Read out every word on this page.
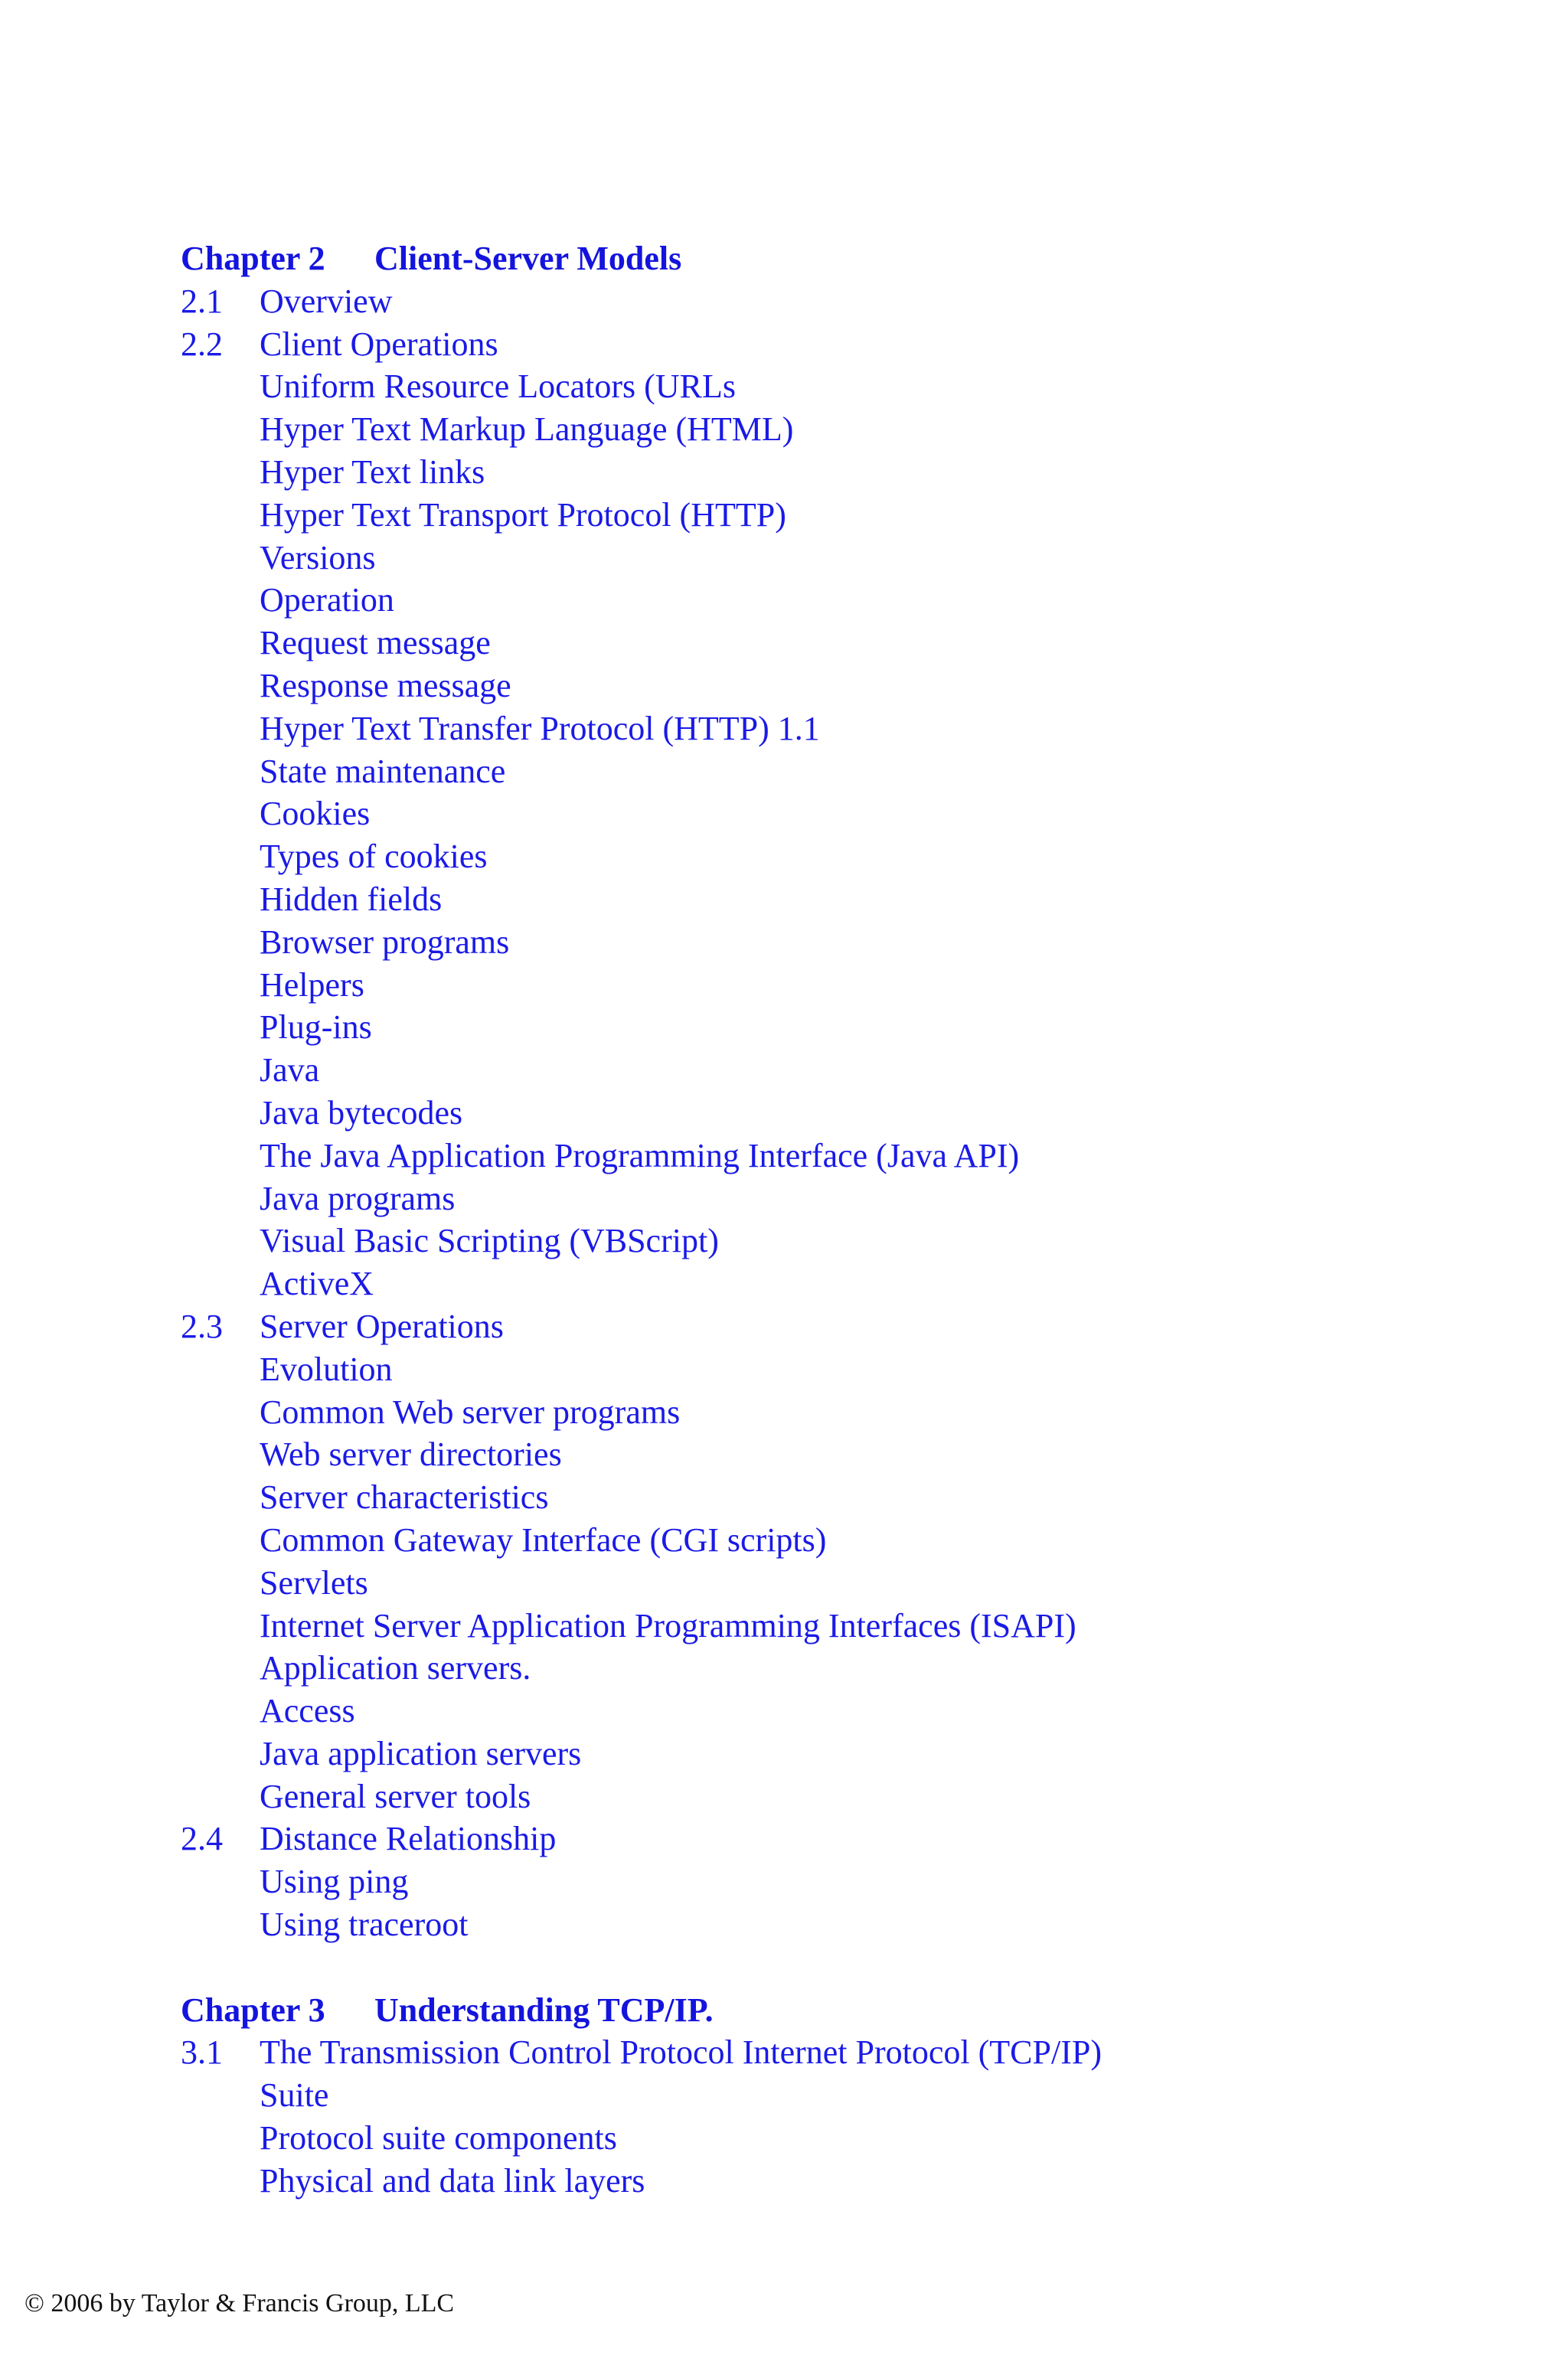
Chapter 2 Client-Server Models
2.1 Overview
2.2 Client Operations
Uniform Resource Locators (URLs
Hyper Text Markup Language (HTML)
Hyper Text links
Hyper Text Transport Protocol (HTTP)
Versions
Operation
Request message
Response message
Hyper Text Transfer Protocol (HTTP) 1.1
State maintenance
Cookies
Types of cookies
Hidden fields
Browser programs
Helpers
Plug-ins
Java
Java bytecodes
The Java Application Programming Interface (Java API)
Java programs
Visual Basic Scripting (VBScript)
ActiveX
2.3 Server Operations
Evolution
Common Web server programs
Web server directories
Server characteristics
Common Gateway Interface (CGI scripts)
Servlets
Internet Server Application Programming Interfaces (ISAPI)
Application servers.
Access
Java application servers
General server tools
2.4 Distance Relationship
Using ping
Using traceroot
Chapter 3 Understanding TCP/IP.
3.1 The Transmission Control Protocol Internet Protocol (TCP/IP)
Suite
Protocol suite components
Physical and data link layers
© 2006 by Taylor & Francis Group, LLC
